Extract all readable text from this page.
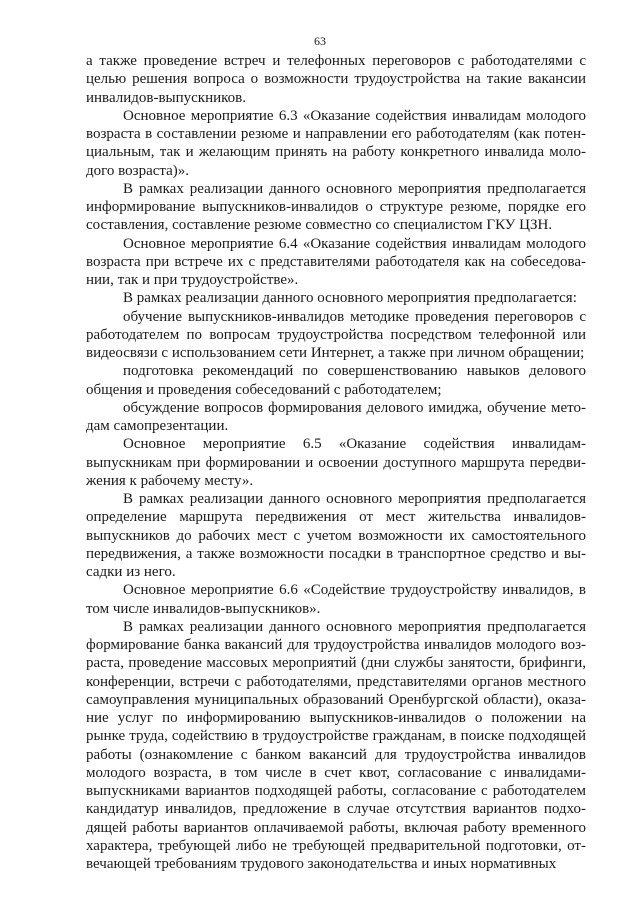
63

а также проведение встреч и телефонных переговоров с работодателями с целью решения вопроса о возможности трудоустройства на такие вакансии инвалидов-выпускников.

Основное мероприятие 6.3 «Оказание содействия инвалидам молодого возраста в составлении резюме и направлении его работодателям (как потенциальным, так и желающим принять на работу конкретного инвалида молодого возраста)».

В рамках реализации данного основного мероприятия предполагается информирование выпускников-инвалидов о структуре резюме, порядке его составления, составление резюме совместно со специалистом ГКУ ЦЗН.

Основное мероприятие 6.4 «Оказание содействия инвалидам молодого возраста при встрече их с представителями работодателя как на собеседовании, так и при трудоустройстве».

В рамках реализации данного основного мероприятия предполагается:

обучение выпускников-инвалидов методике проведения переговоров с работодателем по вопросам трудоустройства посредством телефонной или видеосвязи с использованием сети Интернет, а также при личном обращении;

подготовка рекомендаций по совершенствованию навыков делового общения и проведения собеседований с работодателем;

обсуждение вопросов формирования делового имиджа, обучение методам самопрезентации.

Основное мероприятие 6.5 «Оказание содействия инвалидам-выпускникам при формировании и освоении доступного маршрута передвижения к рабочему месту».

В рамках реализации данного основного мероприятия предполагается определение маршрута передвижения от мест жительства инвалидов-выпускников до рабочих мест с учетом возможности их самостоятельного передвижения, а также возможности посадки в транспортное средство и высадки из него.

Основное мероприятие 6.6 «Содействие трудоустройству инвалидов, в том числе инвалидов-выпускников».

В рамках реализации данного основного мероприятия предполагается формирование банка вакансий для трудоустройства инвалидов молодого возраста, проведение массовых мероприятий (дни службы занятости, брифинги, конференции, встречи с работодателями, представителями органов местного самоуправления муниципальных образований Оренбургской области), оказание услуг по информированию выпускников-инвалидов о положении на рынке труда, содействию в трудоустройстве гражданам, в поиске подходящей работы (ознакомление с банком вакансий для трудоустройства инвалидов молодого возраста, в том числе в счет квот, согласование с инвалидами-выпускниками вариантов подходящей работы, согласование с работодателем кандидатур инвалидов, предложение в случае отсутствия вариантов подходящей работы вариантов оплачиваемой работы, включая работу временного характера, требующей либо не требующей предварительной подготовки, отвечающей требованиям трудового законодательства и иных нормативных
